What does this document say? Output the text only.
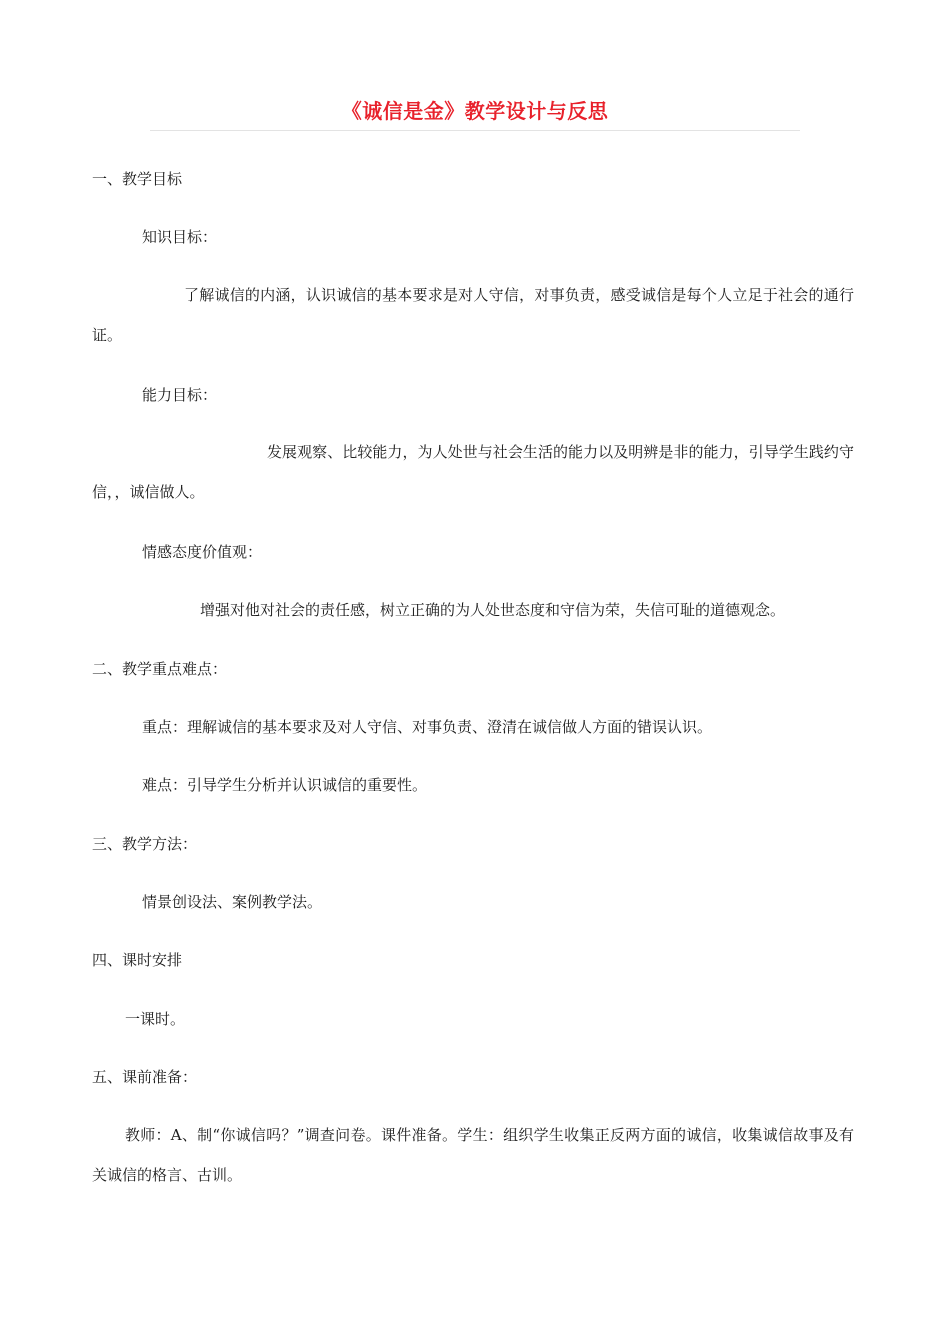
《诚信是金》教学设计与反思
一、教学目标
知识目标：
了解诚信的内涵，认识诚信的基本要求是对人守信，对事负责，感受诚信是每个人立足于社会的通行证。
能力目标：
发展观察、比较能力，为人处世与社会生活的能力以及明辨是非的能力，引导学生践约守信，，诚信做人。
情感态度价值观：
增强对他对社会的责任感，树立正确的为人处世态度和守信为荣，失信可耻的道德观念。
二、教学重点难点：
重点：理解诚信的基本要求及对人守信、对事负责、澄清在诚信做人方面的错误认识。
难点：引导学生分析并认识诚信的重要性。
三、教学方法：
情景创设法、案例教学法。
四、课时安排
一课时。
五、课前准备：
教师：A、制“你诚信吗？”调查问卷。课件准备。学生：组织学生收集正反两方面的诚信，收集诚信故事及有关诚信的格言、古训。
